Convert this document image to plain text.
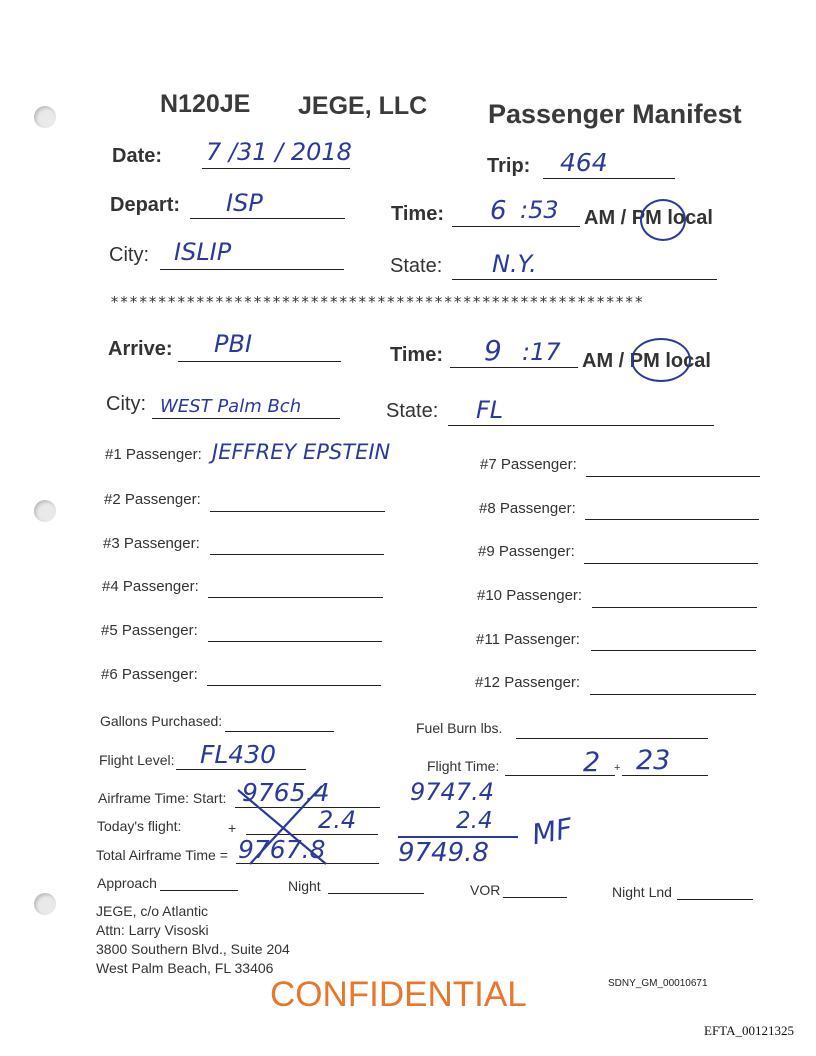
N120JE JEGE, LLC Passenger Manifest
Date: 7 /31 / 2018	Trip: 464
Depart: ISP	Time: 6 :53 AM / PM local
City: ISLIP	State: N.Y.
********************************************************
Arrive: PBI	Time: 9 :17 AM / PM local
City: WEST Palm Bch	State: FL
#1 Passenger: JEFFREY EPSTEIN
#2 Passenger:
#3 Passenger:
#4 Passenger:
#5 Passenger:
#6 Passenger:
#7 Passenger:
#8 Passenger:
#9 Passenger:
#10 Passenger:
#11 Passenger:
#12 Passenger:
Gallons Purchased:	Fuel Burn lbs.
Flight Level: FL430	Flight Time:	2 + 23
Airframe Time: Start: 9765.4
Today's flight:	+	2.4
Total Airframe Time = 9767.8
9747.4
2.4
9749.8
MF
Approach	Night	VOR	Night Lnd
JEGE, c/o Atlantic
Attn: Larry Visoski
3800 Southern Blvd., Suite 204
West Palm Beach, FL 33406
SDNY_GM_00010671
CONFIDENTIAL
EFTA_00121325
